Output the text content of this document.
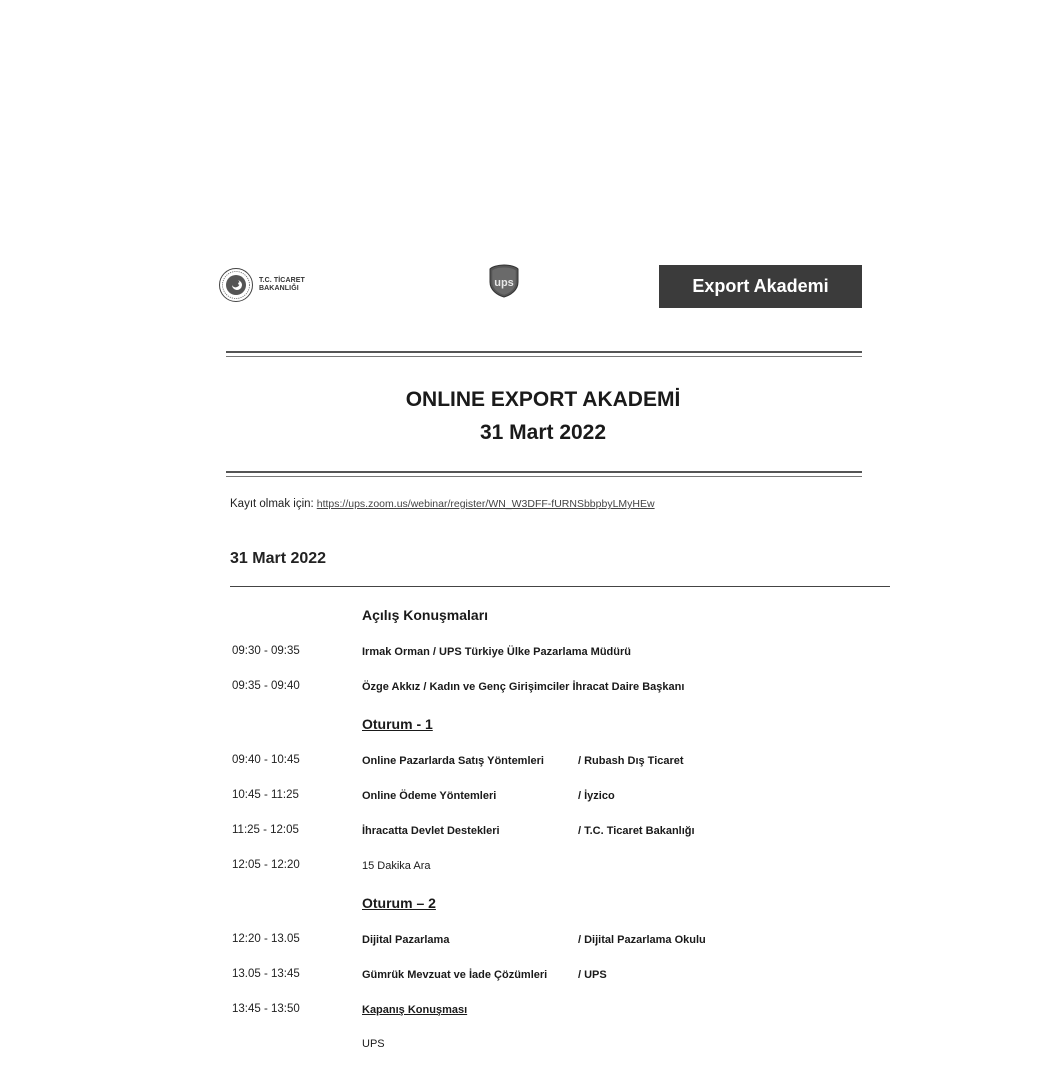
T.C. TİCARET
BAKANLIĞI	ups	Export Akademi
ONLINE EXPORT AKADEMİ
31 Mart 2022
Kayıt olmak için: https://ups.zoom.us/webinar/register/WN_W3DFF-fURNSbbpbyLMyHEw
31 Mart 2022
Açılış Konuşmaları
09:30 - 09:35	Irmak Orman / UPS Türkiye Ülke Pazarlama Müdürü
09:35 - 09:40	Özge Akkız / Kadın ve Genç Girişimciler İhracat Daire Başkanı
Oturum - 1
09:40 - 10:45	Online Pazarlarda Satış Yöntemleri	/ Rubash Dış Ticaret
10:45 - 11:25	Online Ödeme Yöntemleri	/ İyzico
11:25 - 12:05	İhracatta Devlet Destekleri	/ T.C. Ticaret Bakanlığı
12:05 - 12:20	15 Dakika Ara
Oturum – 2
12:20 - 13.05	Dijital Pazarlama	/ Dijital Pazarlama Okulu
13.05 - 13:45	Gümrük Mevzuat ve İade Çözümleri	/ UPS
13:45 - 13:50	Kapanış Konuşması
UPS
